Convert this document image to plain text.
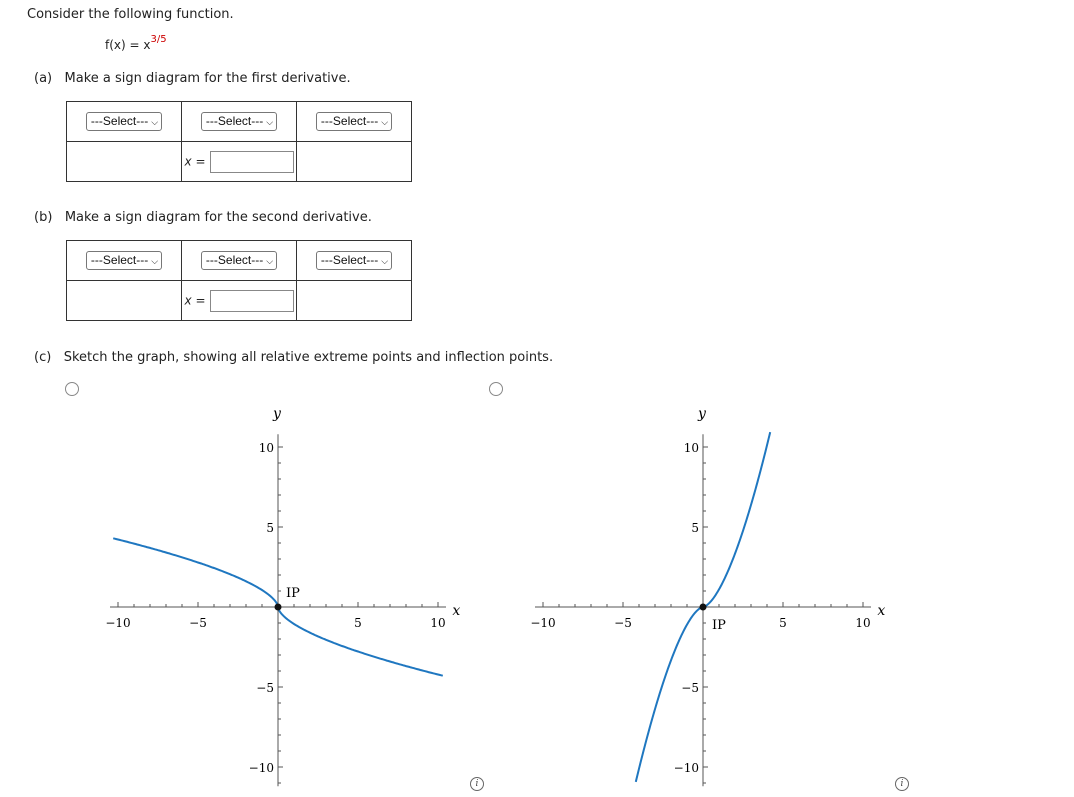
Consider the following function.
$f(x) = x^{3/5}$
(a) Make a sign diagram for the first derivative.
---Select--- ⌵	---Select--- ⌵	---Select--- ⌵
	x =	
(b) Make a sign diagram for the second derivative.
---Select--- ⌵	---Select--- ⌵	---Select--- ⌵
	x =	
(c) Sketch the graph, showing all relative extreme points and inflection points.
IP
y
x
−10	−5	5	10
10
5
−5
−10
i
IP
y
x
−10	−5	5	10
10
5
−5
−10
i
